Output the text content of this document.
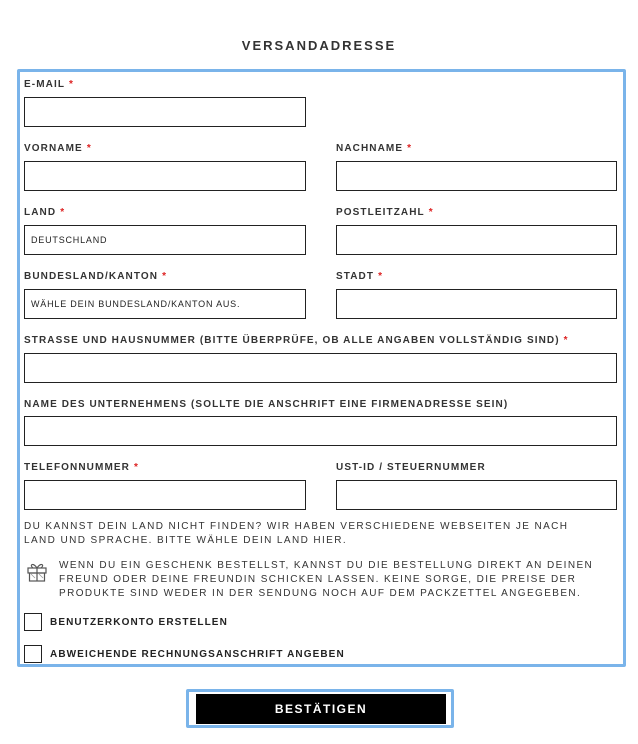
VERSANDADRESSE
E-MAIL *
VORNAME *	NACHNAME *
LAND *
DEUTSCHLAND
POSTLEITZAHL *
BUNDESLAND/KANTON *
WÄHLE DEIN BUNDESLAND/KANTON AUS.
STADT *
STRASSE UND HAUSNUMMER (BITTE ÜBERPRÜFE, OB ALLE ANGABEN VOLLSTÄNDIG SIND) *
NAME DES UNTERNEHMENS (SOLLTE DIE ANSCHRIFT EINE FIRMENADRESSE SEIN)
TELEFONNUMMER *	UST-ID / STEUERNUMMER
DU KANNST DEIN LAND NICHT FINDEN? WIR HABEN VERSCHIEDENE WEBSEITEN JE NACH
LAND UND SPRACHE. BITTE WÄHLE DEIN LAND HIER.
WENN DU EIN GESCHENK BESTELLST, KANNST DU DIE BESTELLUNG DIREKT AN DEINEN
FREUND ODER DEINE FREUNDIN SCHICKEN LASSEN. KEINE SORGE, DIE PREISE DER
PRODUKTE SIND WEDER IN DER SENDUNG NOCH AUF DEM PACKZETTEL ANGEGEBEN.
BENUTZERKONTO ERSTELLEN
ABWEICHENDE RECHNUNGSANSCHRIFT ANGEBEN
BESTÄTIGEN
